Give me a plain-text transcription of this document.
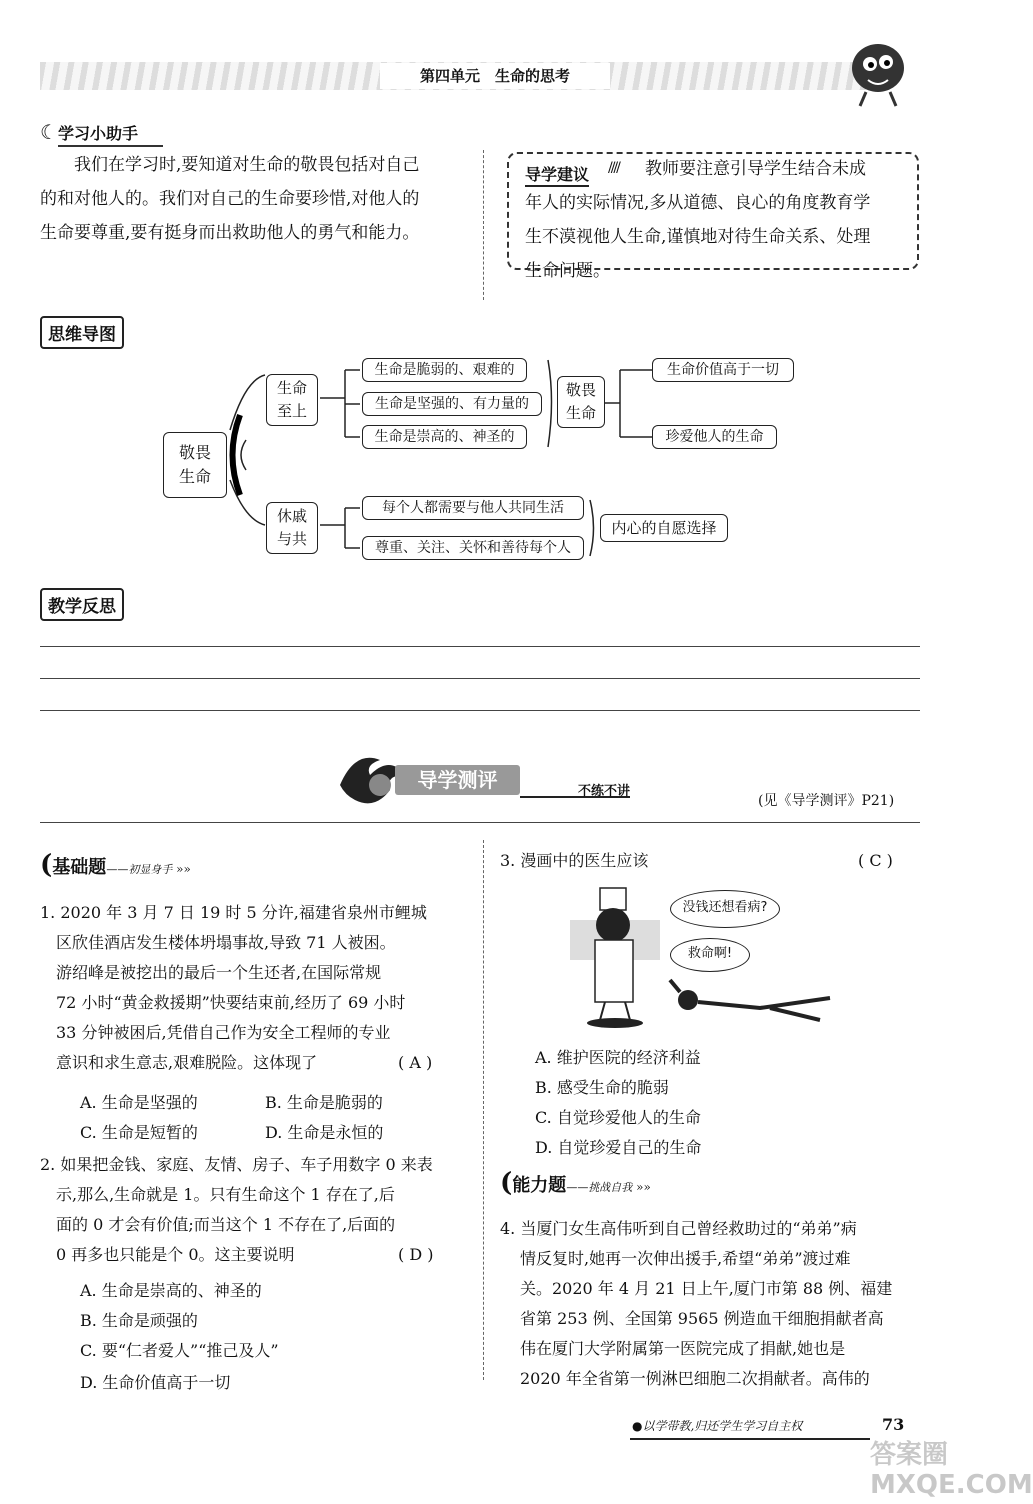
第四单元　生命的思考
☾学习小助手
　　我们在学习时,要知道对生命的敬畏包括对自己
的和对他人的。我们对自己的生命要珍惜,对他人的
生命要尊重,要有挺身而出救助他人的勇气和能力。
导学建议 //// 教师要注意引导学生结合未成
年人的实际情况,多从道德、良心的角度教育学
生不漠视他人生命,谨慎地对待生命关系、处理
生命问题。
思维导图
敬畏
生命
生命
至上
休戚
与共
生命是脆弱的、艰难的
生命是坚强的、有力量的
生命是崇高的、神圣的
每个人都需要与他人共同生活
尊重、关注、关怀和善待每个人
敬畏
生命
生命价值高于一切
珍爱他人的生命
内心的自愿选择
教学反思
导学测评	不练不讲
(见《导学测评》P21)
(基础题——初显身手 »»
1. 2020 年 3 月 7 日 19 时 5 分许,福建省泉州市鲤城
区欣佳酒店发生楼体坍塌事故,导致 71 人被困。
游绍峰是被挖出的最后一个生还者,在国际常规
72 小时“黄金救援期”快要结束前,经历了 69 小时
33 分钟被困后,凭借自己作为安全工程师的专业
意识和求生意志,艰难脱险。这体现了	( A )
A. 生命是坚强的	B. 生命是脆弱的
C. 生命是短暂的	D. 生命是永恒的
2. 如果把金钱、家庭、友情、房子、车子用数字 0 来表
示,那么,生命就是 1。只有生命这个 1 存在了,后
面的 0 才会有价值;而当这个 1 不存在了,后面的
0 再多也只能是个 0。这主要说明	( D )
A. 生命是崇高的、神圣的
B. 生命是顽强的
C. 要“仁者爱人”“推己及人”
D. 生命价值高于一切
3. 漫画中的医生应该	( C )
没钱还想看病?
救命啊!
A. 维护医院的经济利益
B. 感受生命的脆弱
C. 自觉珍爱他人的生命
D. 自觉珍爱自己的生命
(能力题——挑战自我 »»
4. 当厦门女生高伟听到自己曾经救助过的“弟弟”病
情反复时,她再一次伸出援手,希望“弟弟”渡过难
关。2020 年 4 月 21 日上午,厦门市第 88 例、福建
省第 253 例、全国第 9565 例造血干细胞捐献者高
伟在厦门大学附属第一医院完成了捐献,她也是
2020 年全省第一例淋巴细胞二次捐献者。高伟的
●以学带教,归还学生学习自主权	73
答案圈 MXQE.COM
